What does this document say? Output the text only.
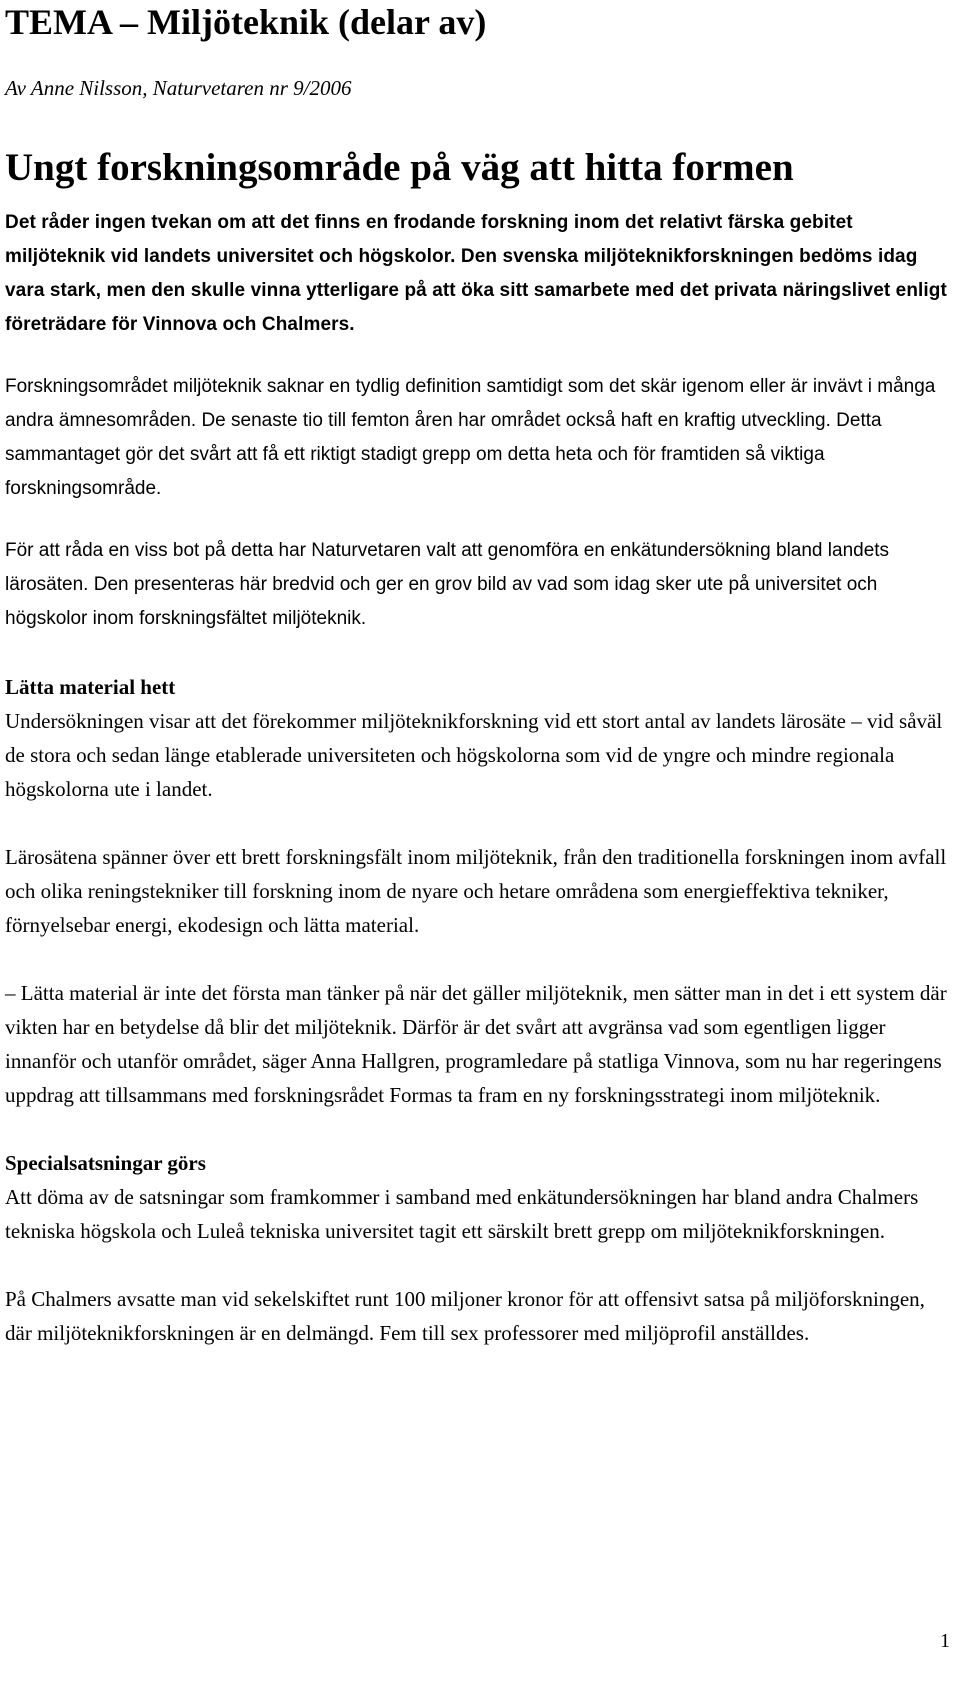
TEMA – Miljöteknik (delar av)

Av Anne Nilsson, Naturvetaren nr 9/2006

Ungt forskningsområde på väg att hitta formen

Det råder ingen tvekan om att det finns en frodande forskning inom det relativt färska gebitet miljöteknik vid landets universitet och högskolor. Den svenska miljöteknikforskningen bedöms idag vara stark, men den skulle vinna ytterligare på att öka sitt samarbete med det privata näringslivet enligt företrädare för Vinnova och Chalmers.

Forskningsområdet miljöteknik saknar en tydlig definition samtidigt som det skär igenom eller är invävt i många andra ämnesområden. De senaste tio till femton åren har området också haft en kraftig utveckling. Detta sammantaget gör det svårt att få ett riktigt stadigt grepp om detta heta och för framtiden så viktiga forskningsområde.

För att råda en viss bot på detta har Naturvetaren valt att genomföra en enkätundersökning bland landets lärosäten. Den presenteras här bredvid och ger en grov bild av vad som idag sker ute på universitet och högskolor inom forskningsfältet miljöteknik.

Lätta material hett

Undersökningen visar att det förekommer miljöteknikforskning vid ett stort antal av landets lärosäte – vid såväl de stora och sedan länge etablerade universiteten och högskolorna som vid de yngre och mindre regionala högskolorna ute i landet.

Lärosätena spänner över ett brett forskningsfält inom miljöteknik, från den traditionella forskningen inom avfall och olika reningstekniker till forskning inom de nyare och hetare områdena som energieffektiva tekniker, förnyelsebar energi, ekodesign och lätta material.

– Lätta material är inte det första man tänker på när det gäller miljöteknik, men sätter man in det i ett system där vikten har en betydelse då blir det miljöteknik. Därför är det svårt att avgränsa vad som egentligen ligger innanför och utanför området, säger Anna Hallgren, programledare på statliga Vinnova, som nu har regeringens uppdrag att tillsammans med forskningsrådet Formas ta fram en ny forskningsstrategi inom miljöteknik.

Specialsatsningar görs

Att döma av de satsningar som framkommer i samband med enkätundersökningen har bland andra Chalmers tekniska högskola och Luleå tekniska universitet tagit ett särskilt brett grepp om miljöteknikforskningen.

På Chalmers avsatte man vid sekelskiftet runt 100 miljoner kronor för att offensivt satsa på miljöforskningen, där miljöteknikforskningen är en delmängd. Fem till sex professorer med miljöprofil anställdes.

1
